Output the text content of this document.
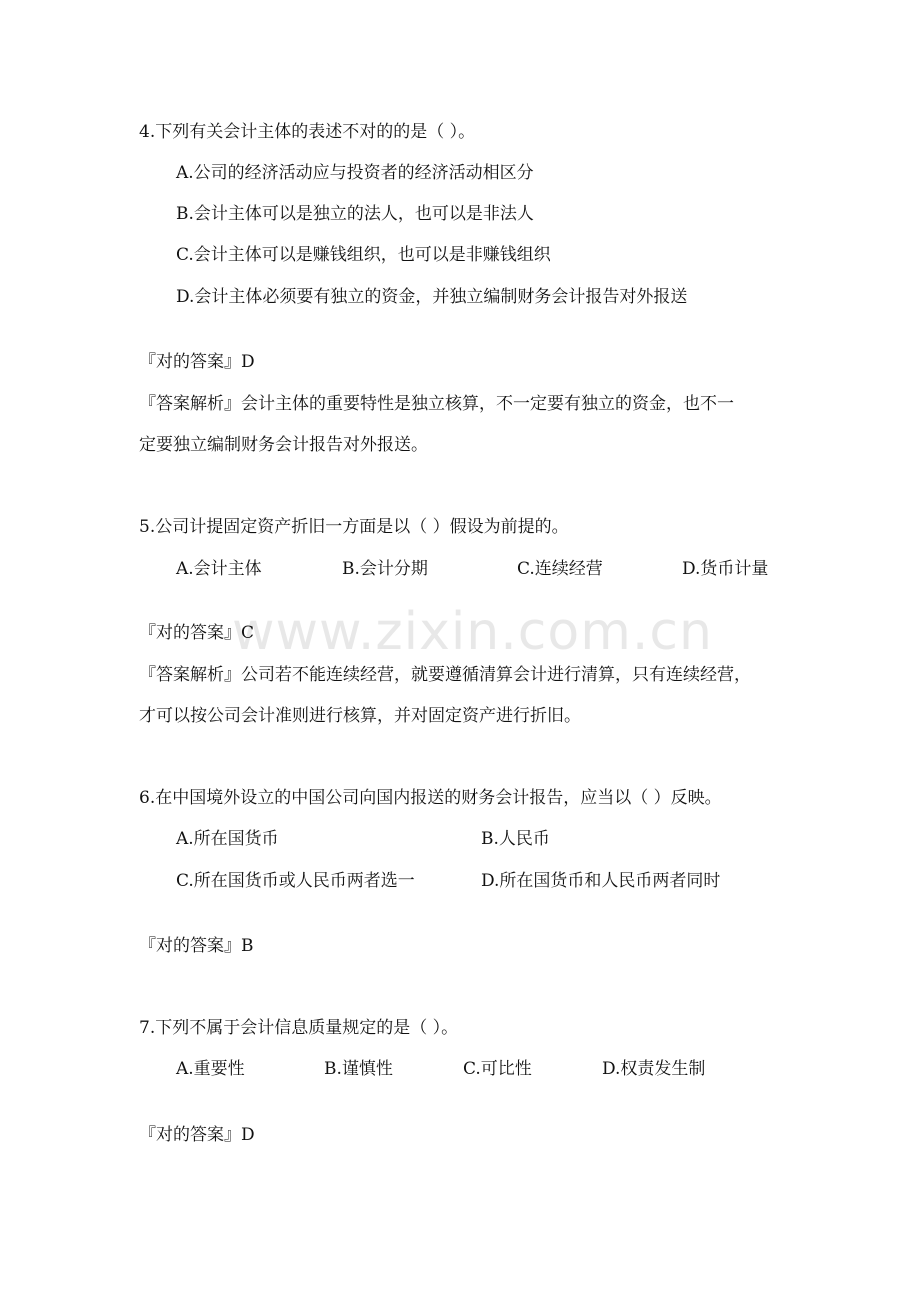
www.zixin.com.cn
4.下列有关会计主体的表述不对的的是（ ）。
A.公司的经济活动应与投资者的经济活动相区分
B.会计主体可以是独立的法人，也可以是非法人
C.会计主体可以是赚钱组织，也可以是非赚钱组织
D.会计主体必须要有独立的资金，并独立编制财务会计报告对外报送
『对的答案』D
『答案解析』会计主体的重要特性是独立核算，不一定要有独立的资金，也不一
定要独立编制财务会计报告对外报送。
5.公司计提固定资产折旧一方面是以（ ）假设为前提的。
A.会计主体	B.会计分期	C.连续经营	D.货币计量
『对的答案』C
『答案解析』公司若不能连续经营，就要遵循清算会计进行清算，只有连续经营，
才可以按公司会计准则进行核算，并对固定资产进行折旧。
6.在中国境外设立的中国公司向国内报送的财务会计报告，应当以（ ）反映。
A.所在国货币	B.人民币
C.所在国货币或人民币两者选一	D.所在国货币和人民币两者同时
『对的答案』B
7.下列不属于会计信息质量规定的是（ ）。
A.重要性	B.谨慎性	C.可比性	D.权责发生制
『对的答案』D
